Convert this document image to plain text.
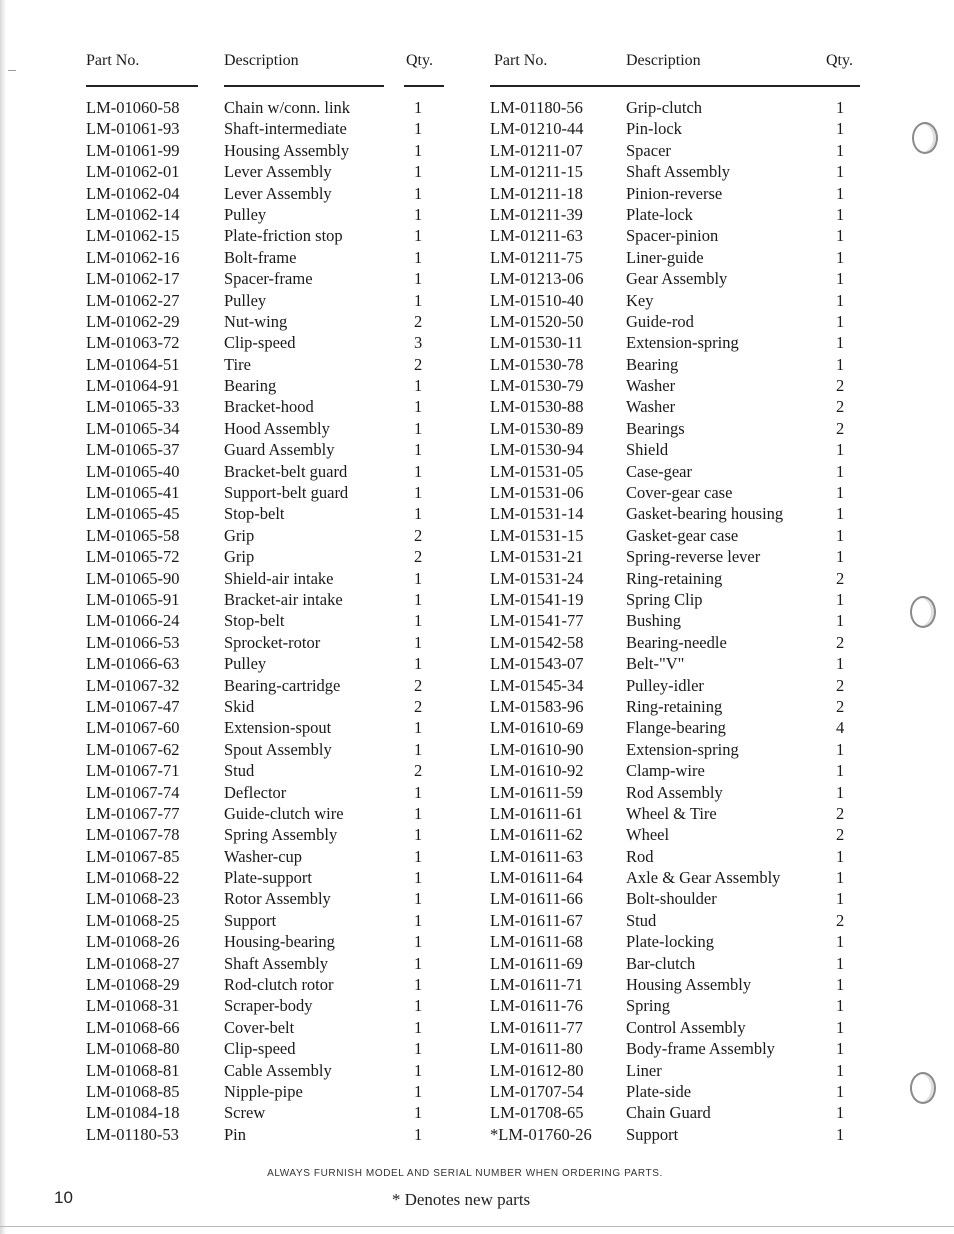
Part No.	Description	Qty.
LM-01060-58	Chain w/conn. link	1
LM-01061-93	Shaft-intermediate	1
LM-01061-99	Housing Assembly	1
LM-01062-01	Lever Assembly	1
LM-01062-04	Lever Assembly	1
LM-01062-14	Pulley	1
LM-01062-15	Plate-friction stop	1
LM-01062-16	Bolt-frame	1
LM-01062-17	Spacer-frame	1
LM-01062-27	Pulley	1
LM-01062-29	Nut-wing	2
LM-01063-72	Clip-speed	3
LM-01064-51	Tire	2
LM-01064-91	Bearing	1
LM-01065-33	Bracket-hood	1
LM-01065-34	Hood Assembly	1
LM-01065-37	Guard Assembly	1
LM-01065-40	Bracket-belt guard	1
LM-01065-41	Support-belt guard	1
LM-01065-45	Stop-belt	1
LM-01065-58	Grip	2
LM-01065-72	Grip	2
LM-01065-90	Shield-air intake	1
LM-01065-91	Bracket-air intake	1
LM-01066-24	Stop-belt	1
LM-01066-53	Sprocket-rotor	1
LM-01066-63	Pulley	1
LM-01067-32	Bearing-cartridge	2
LM-01067-47	Skid	2
LM-01067-60	Extension-spout	1
LM-01067-62	Spout Assembly	1
LM-01067-71	Stud	2
LM-01067-74	Deflector	1
LM-01067-77	Guide-clutch wire	1
LM-01067-78	Spring Assembly	1
LM-01067-85	Washer-cup	1
LM-01068-22	Plate-support	1
LM-01068-23	Rotor Assembly	1
LM-01068-25	Support	1
LM-01068-26	Housing-bearing	1
LM-01068-27	Shaft Assembly	1
LM-01068-29	Rod-clutch rotor	1
LM-01068-31	Scraper-body	1
LM-01068-66	Cover-belt	1
LM-01068-80	Clip-speed	1
LM-01068-81	Cable Assembly	1
LM-01068-85	Nipple-pipe	1
LM-01084-18	Screw	1
LM-01180-53	Pin	1
Part No.	Description	Qty.
LM-01180-56	Grip-clutch	1
LM-01210-44	Pin-lock	1
LM-01211-07	Spacer	1
LM-01211-15	Shaft Assembly	1
LM-01211-18	Pinion-reverse	1
LM-01211-39	Plate-lock	1
LM-01211-63	Spacer-pinion	1
LM-01211-75	Liner-guide	1
LM-01213-06	Gear Assembly	1
LM-01510-40	Key	1
LM-01520-50	Guide-rod	1
LM-01530-11	Extension-spring	1
LM-01530-78	Bearing	1
LM-01530-79	Washer	2
LM-01530-88	Washer	2
LM-01530-89	Bearings	2
LM-01530-94	Shield	1
LM-01531-05	Case-gear	1
LM-01531-06	Cover-gear case	1
LM-01531-14	Gasket-bearing housing	1
LM-01531-15	Gasket-gear case	1
LM-01531-21	Spring-reverse lever	1
LM-01531-24	Ring-retaining	2
LM-01541-19	Spring Clip	1
LM-01541-77	Bushing	1
LM-01542-58	Bearing-needle	2
LM-01543-07	Belt-"V"	1
LM-01545-34	Pulley-idler	2
LM-01583-96	Ring-retaining	2
LM-01610-69	Flange-bearing	4
LM-01610-90	Extension-spring	1
LM-01610-92	Clamp-wire	1
LM-01611-59	Rod Assembly	1
LM-01611-61	Wheel & Tire	2
LM-01611-62	Wheel	2
LM-01611-63	Rod	1
LM-01611-64	Axle & Gear Assembly	1
LM-01611-66	Bolt-shoulder	1
LM-01611-67	Stud	2
LM-01611-68	Plate-locking	1
LM-01611-69	Bar-clutch	1
LM-01611-71	Housing Assembly	1
LM-01611-76	Spring	1
LM-01611-77	Control Assembly	1
LM-01611-80	Body-frame Assembly	1
LM-01612-80	Liner	1
LM-01707-54	Plate-side	1
LM-01708-65	Chain Guard	1
*LM-01760-26 Support	1
ALWAYS FURNISH MODEL AND SERIAL NUMBER WHEN ORDERING PARTS.
10	* Denotes new parts
